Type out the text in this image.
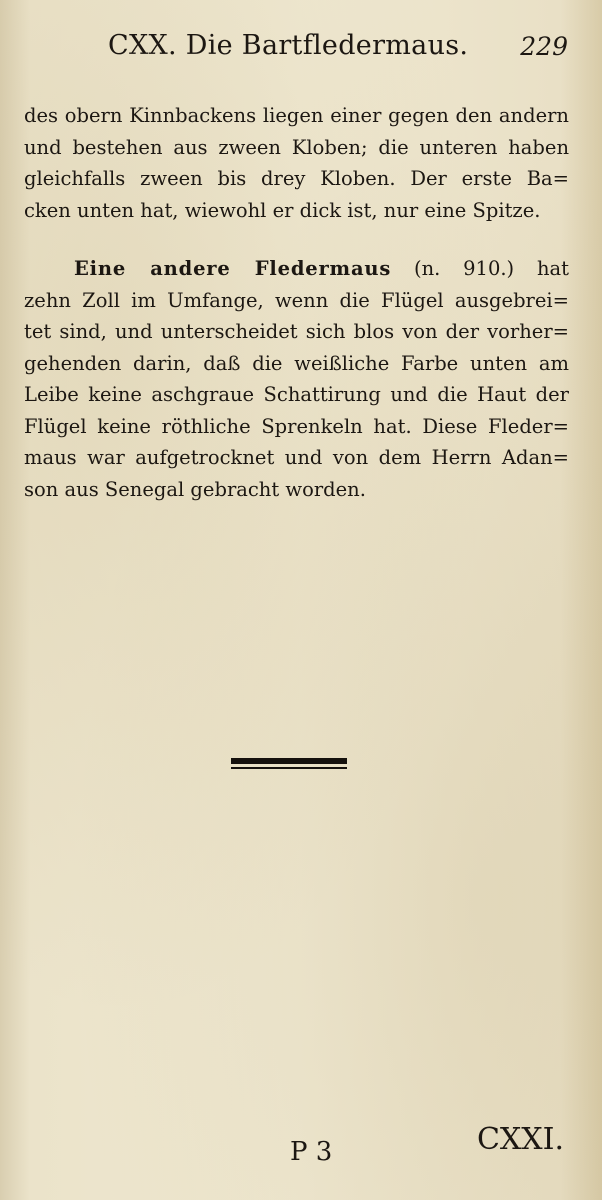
CXX. Die Bartfledermaus. 229
des obern Kinnbackens liegen einer gegen den andern
und bestehen aus zween Kloben; die unteren haben
gleichfalls zween bis drey Kloben. Der erste Ba=
cken unten hat, wiewohl er dick ist, nur eine Spitze.
Eine andere Fledermaus (n. 910.) hat
zehn Zoll im Umfange, wenn die Flügel ausgebrei=
tet sind, und unterscheidet sich blos von der vorher=
gehenden darin, daß die weißliche Farbe unten am
Leibe keine aschgraue Schattirung und die Haut der
Flügel keine röthliche Sprenkeln hat. Diese Fleder=
maus war aufgetrocknet und von dem Herrn Adan=
son aus Senegal gebracht worden.
P 3	CXXI.
